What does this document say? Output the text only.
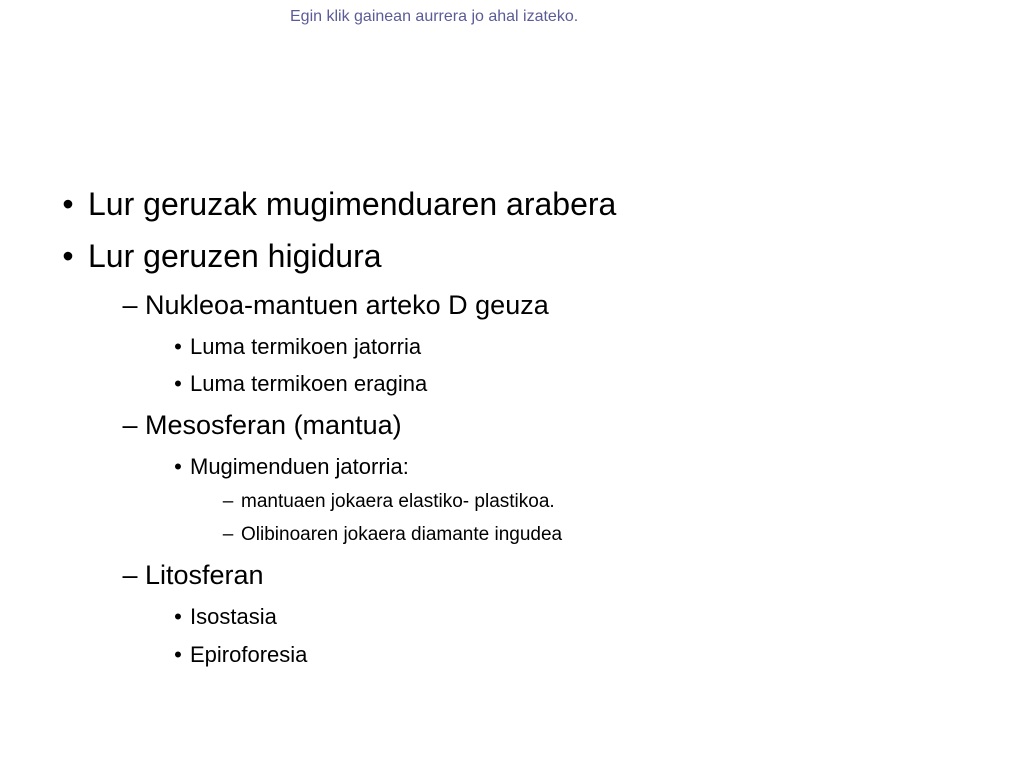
Egin klik gainean aurrera jo ahal izateko.
• Lur geruzak mugimenduaren arabera
• Lur geruzen higidura
– Nukleoa-mantuen arteko D geuza
• Luma termikoen jatorria
• Luma termikoen eragina
– Mesosferan (mantua)
• Mugimenduen jatorria:
– mantuaen jokaera elastiko- plastikoa.
– Olibinoaren jokaera diamante ingudea
– Litosferan
• Isostasia
• Epiroforesia
